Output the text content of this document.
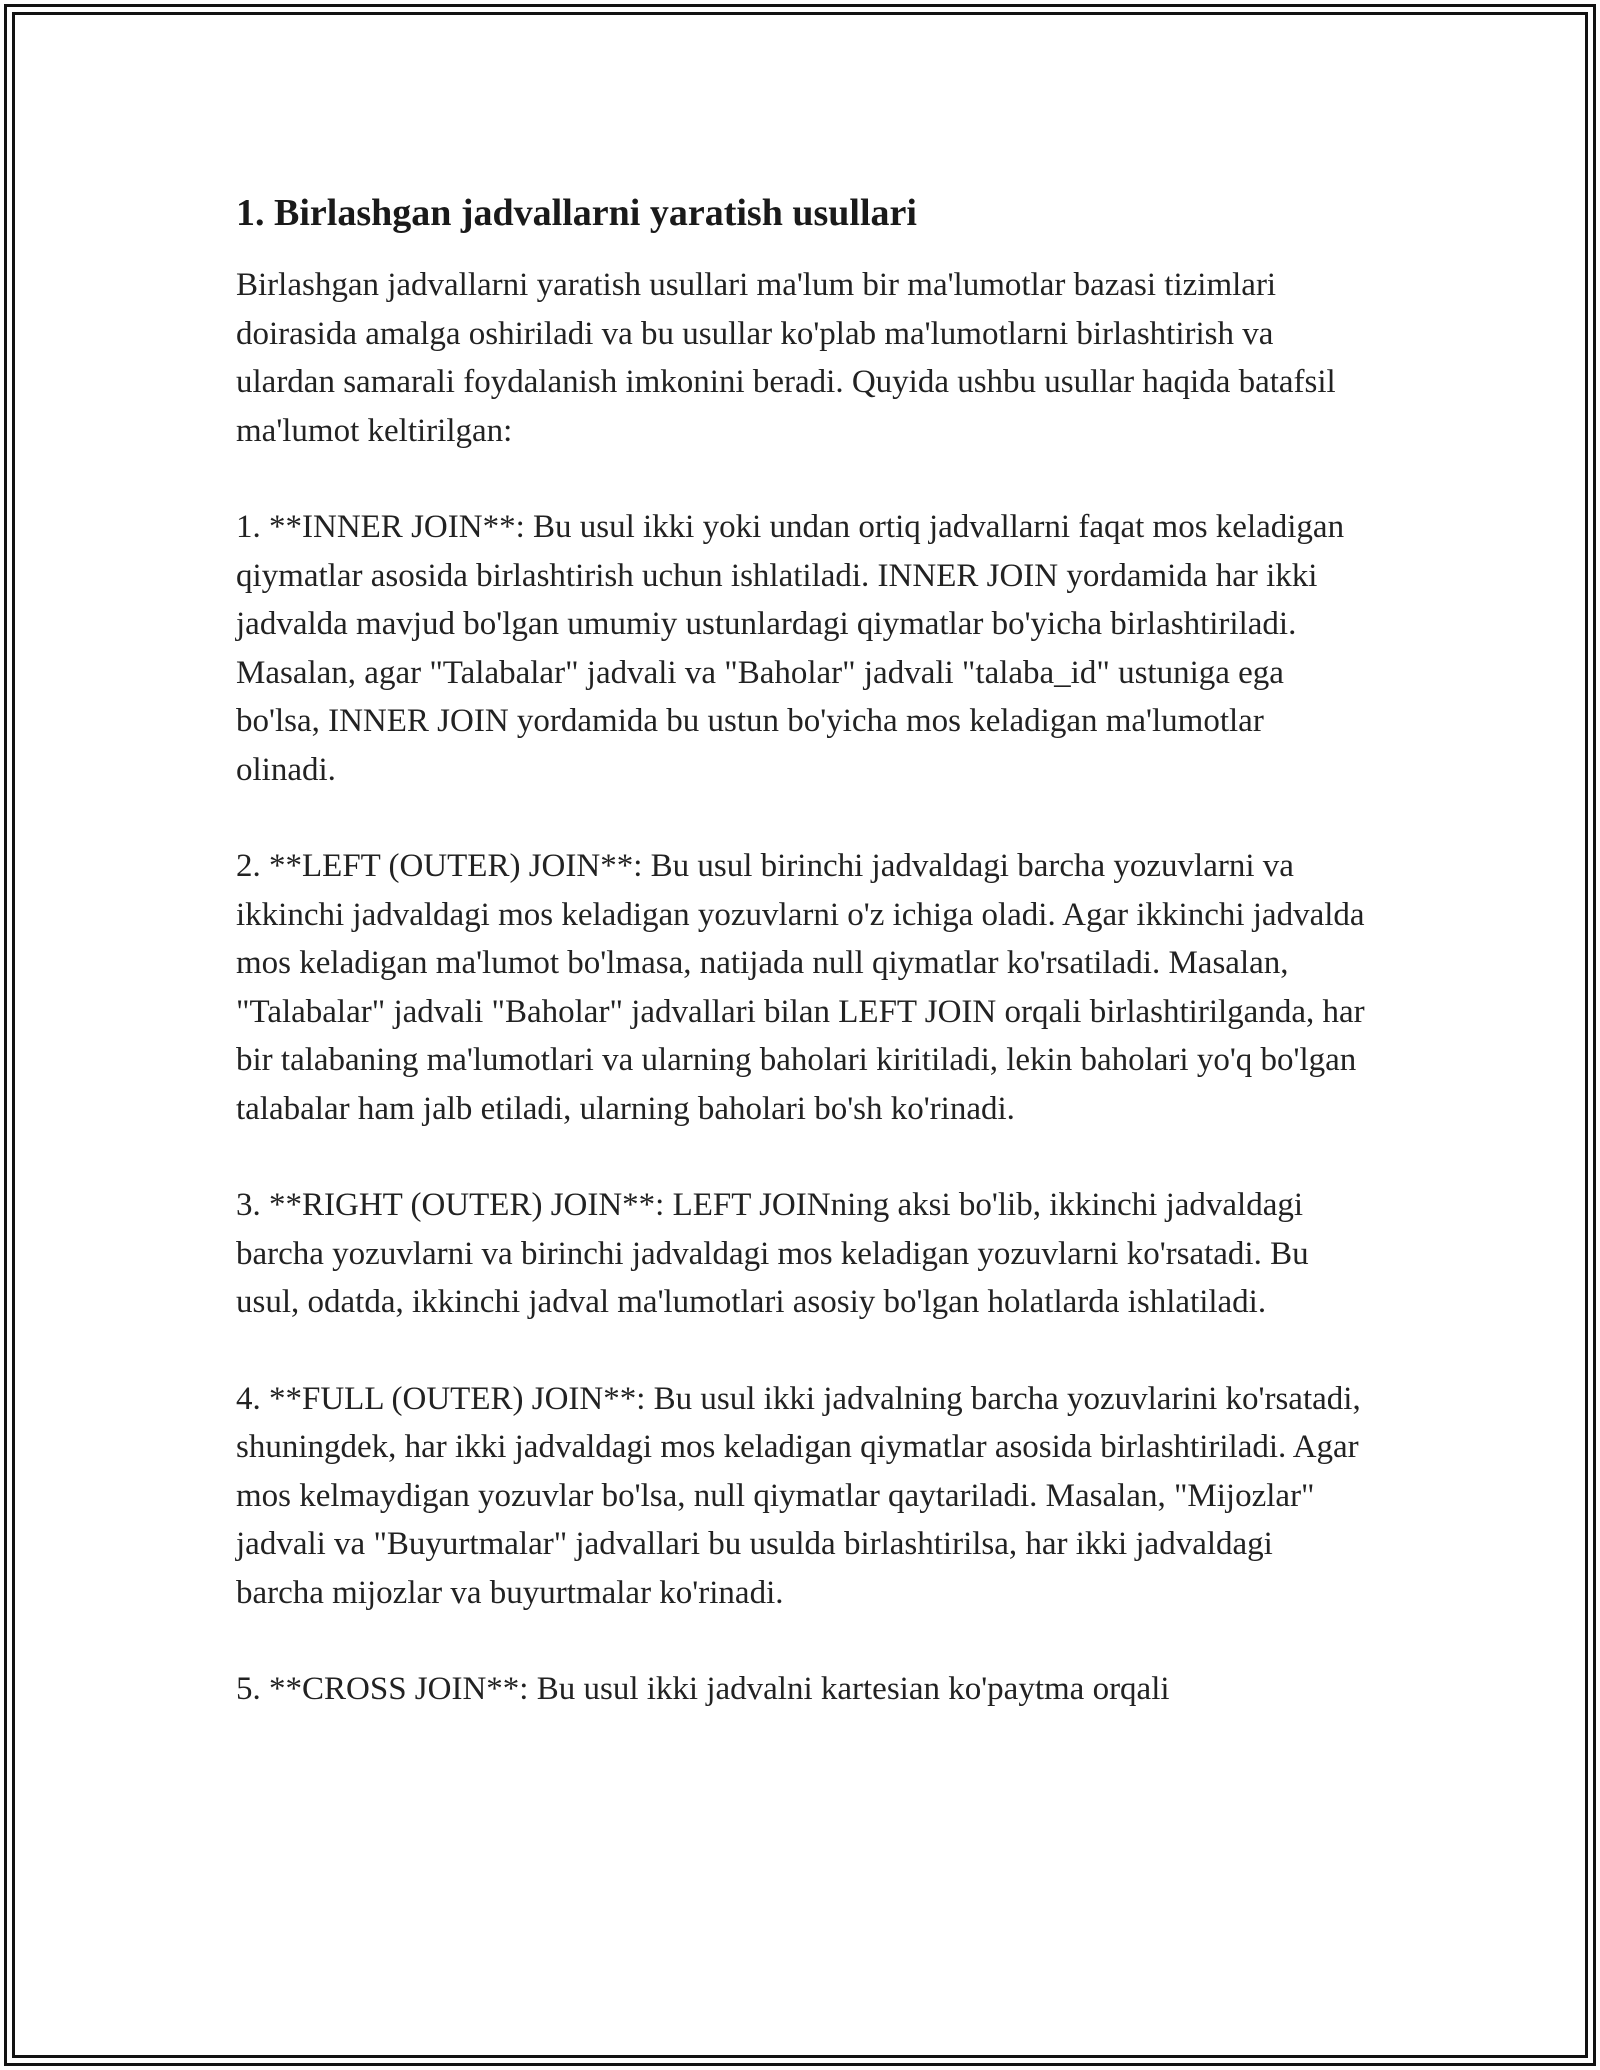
1. Birlashgan jadvallarni yaratish usullari

Birlashgan jadvallarni yaratish usullari ma'lum bir ma'lumotlar bazasi tizimlari doirasida amalga oshiriladi va bu usullar ko'plab ma'lumotlarni birlashtirish va ulardan samarali foydalanish imkonini beradi. Quyida ushbu usullar haqida batafsil ma'lumot keltirilgan:

1. **INNER JOIN**: Bu usul ikki yoki undan ortiq jadvallarni faqat mos keladigan qiymatlar asosida birlashtirish uchun ishlatiladi. INNER JOIN yordamida har ikki jadvalda mavjud bo'lgan umumiy ustunlardagi qiymatlar bo'yicha birlashtiriladi. Masalan, agar "Talabalar" jadvali va "Baholar" jadvali "talaba_id" ustuniga ega bo'lsa, INNER JOIN yordamida bu ustun bo'yicha mos keladigan ma'lumotlar olinadi.

2. **LEFT (OUTER) JOIN**: Bu usul birinchi jadvaldagi barcha yozuvlarni va ikkinchi jadvaldagi mos keladigan yozuvlarni o'z ichiga oladi. Agar ikkinchi jadvalda mos keladigan ma'lumot bo'lmasa, natijada null qiymatlar ko'rsatiladi. Masalan, "Talabalar" jadvali "Baholar" jadvallari bilan LEFT JOIN orqali birlashtirilganda, har bir talabaning ma'lumotlari va ularning baholari kiritiladi, lekin baholari yo'q bo'lgan talabalar ham jalb etiladi, ularning baholari bo'sh ko'rinadi.

3. **RIGHT (OUTER) JOIN**: LEFT JOINning aksi bo'lib, ikkinchi jadvaldagi barcha yozuvlarni va birinchi jadvaldagi mos keladigan yozuvlarni ko'rsatadi. Bu usul, odatda, ikkinchi jadval ma'lumotlari asosiy bo'lgan holatlarda ishlatiladi.

4. **FULL (OUTER) JOIN**: Bu usul ikki jadvalning barcha yozuvlarini ko'rsatadi, shuningdek, har ikki jadvaldagi mos keladigan qiymatlar asosida birlashtiriladi. Agar mos kelmaydigan yozuvlar bo'lsa, null qiymatlar qaytariladi. Masalan, "Mijozlar" jadvali va "Buyurtmalar" jadvallari bu usulda birlashtirilsa, har ikki jadvaldagi barcha mijozlar va buyurtmalar ko'rinadi.

5. **CROSS JOIN**: Bu usul ikki jadvalni kartesian ko'paytma orqali
